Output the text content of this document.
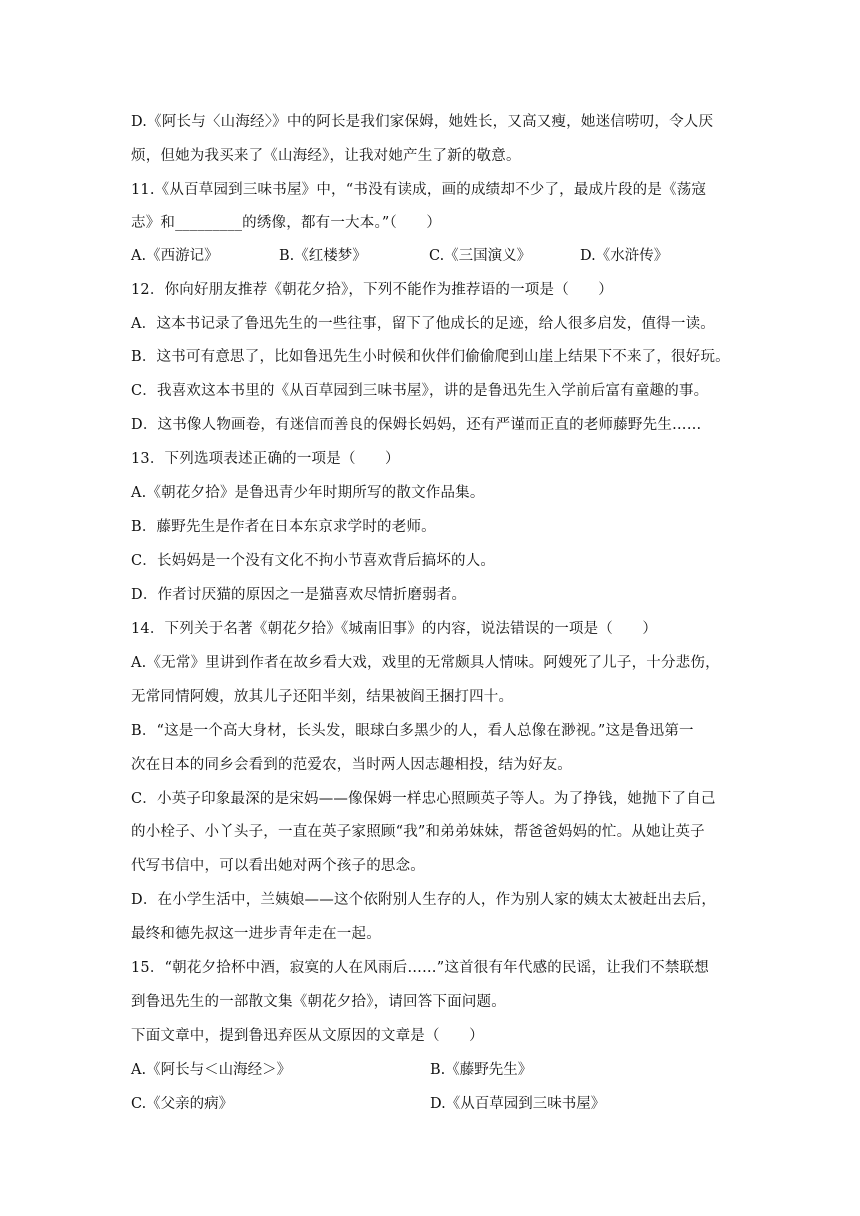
D.《阿长与〈山海经〉》中的阿长是我们家保姆，她姓长，又高又瘦，她迷信唠叨，令人厌
烦，但她为我买来了《山海经》，让我对她产生了新的敬意。
11.《从百草园到三味书屋》中，“书没有读成，画的成绩却不少了，最成片段的是《荡寇
志》和_________的绣像，都有一大本。”（　　）
A.《西游记》	B.《红楼梦》	C.《三国演义》	D.《水浒传》
12．你向好朋友推荐《朝花夕拾》，下列不能作为推荐语的一项是（　　）
A．这本书记录了鲁迅先生的一些往事，留下了他成长的足迹，给人很多启发，值得一读。
B．这书可有意思了，比如鲁迅先生小时候和伙伴们偷偷爬到山崖上结果下不来了，很好玩。
C．我喜欢这本书里的《从百草园到三味书屋》，讲的是鲁迅先生入学前后富有童趣的事。
D．这书像人物画卷，有迷信而善良的保姆长妈妈，还有严谨而正直的老师藤野先生……
13．下列选项表述正确的一项是（　　）
A.《朝花夕拾》是鲁迅青少年时期所写的散文作品集。
B．藤野先生是作者在日本东京求学时的老师。
C．长妈妈是一个没有文化不拘小节喜欢背后搞坏的人。
D．作者讨厌猫的原因之一是猫喜欢尽情折磨弱者。
14．下列关于名著《朝花夕拾》《城南旧事》的内容，说法错误的一项是（　　）
A.《无常》里讲到作者在故乡看大戏，戏里的无常颇具人情味。阿嫂死了儿子，十分悲伤，
无常同情阿嫂，放其儿子还阳半刻，结果被阎王捆打四十。
B．“这是一个高大身材，长头发，眼球白多黑少的人，看人总像在渺视。”这是鲁迅第一
次在日本的同乡会看到的范爱农，当时两人因志趣相投，结为好友。
C．小英子印象最深的是宋妈——像保姆一样忠心照顾英子等人。为了挣钱，她抛下了自己
的小栓子、小丫头子，一直在英子家照顾“我”和弟弟妹妹，帮爸爸妈妈的忙。从她让英子
代写书信中，可以看出她对两个孩子的思念。
D．在小学生活中，兰姨娘——这个依附别人生存的人，作为别人家的姨太太被赶出去后，
最终和德先叔这一进步青年走在一起。
15．“朝花夕拾杯中酒，寂寞的人在风雨后……”这首很有年代感的民谣，让我们不禁联想
到鲁迅先生的一部散文集《朝花夕拾》，请回答下面问题。
下面文章中，提到鲁迅弃医从文原因的文章是（　　）
A.《阿长与＜山海经＞》	B.《藤野先生》
C.《父亲的病》	D.《从百草园到三味书屋》
